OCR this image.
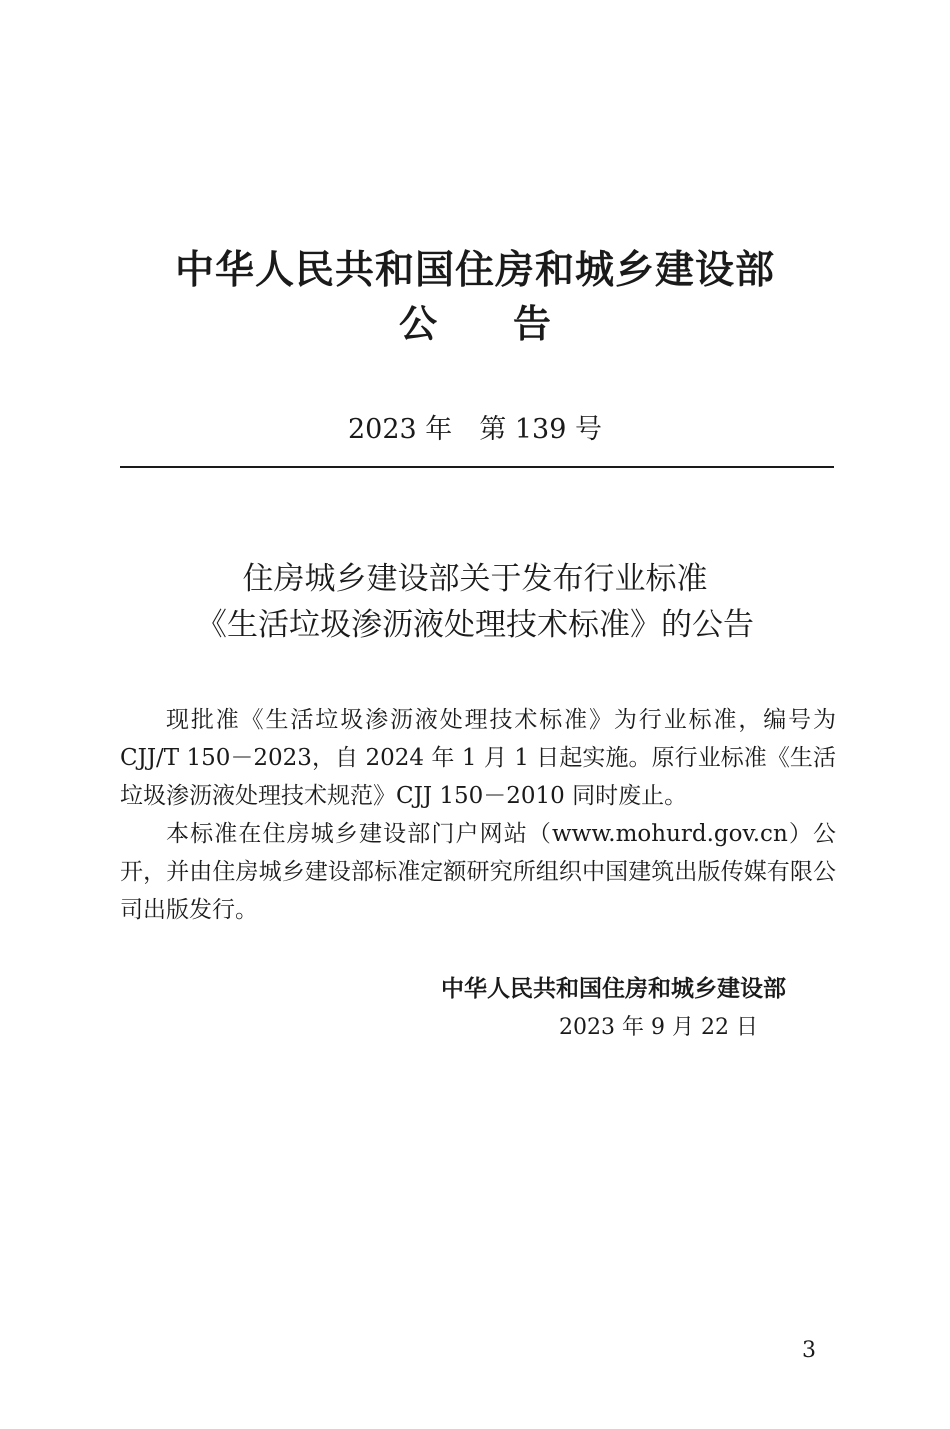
中华人民共和国住房和城乡建设部
公告
2023 年　第 139 号
住房城乡建设部关于发布行业标准
《生活垃圾渗沥液处理技术标准》的公告

现批准《生活垃圾渗沥液处理技术标准》为行业标准，编号为 CJJ/T 150－2023，自 2024 年 1 月 1 日起实施。原行业标准《生活垃圾渗沥液处理技术规范》CJJ 150－2010 同时废止。

本标准在住房城乡建设部门户网站（www.mohurd.gov.cn）公开，并由住房城乡建设部标准定额研究所组织中国建筑出版传媒有限公司出版发行。

中华人民共和国住房和城乡建设部
2023 年 9 月 22 日
3
